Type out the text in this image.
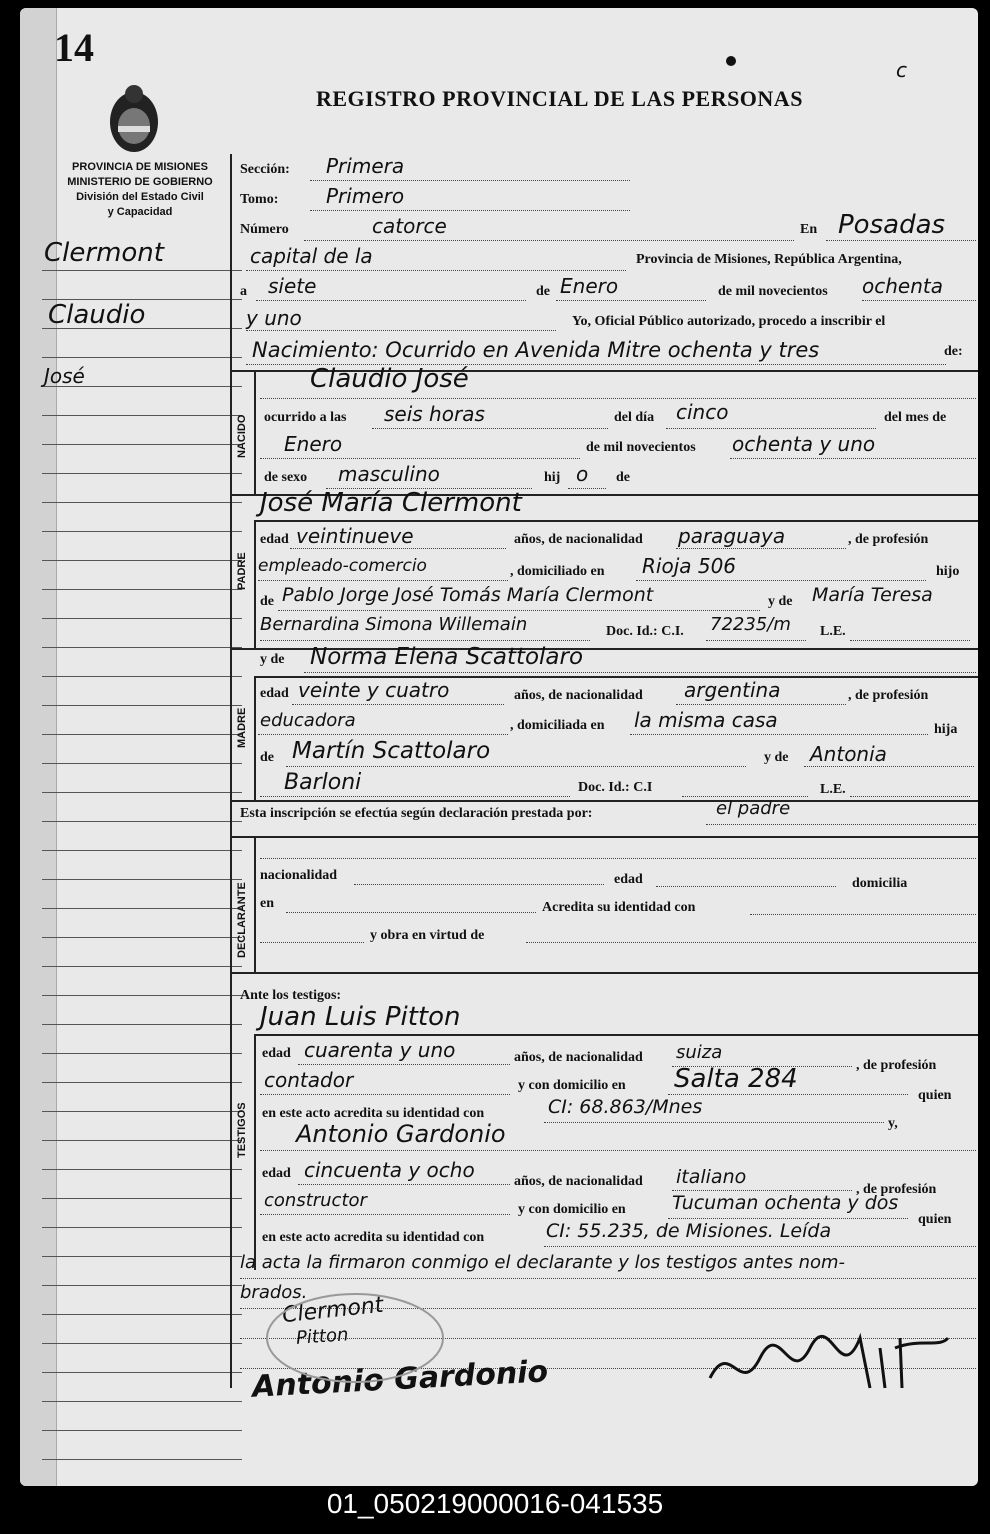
14	c
REGISTRO PROVINCIAL DE LAS PERSONAS
PROVINCIA DE MISIONES
MINISTERIO DE GOBIERNO
División del Estado Civil
y Capacidad
Clermont
Claudio
José
Sección: Primera
Tomo: Primero
Número	catorce	En Posadas
capital de la	Provincia de Misiones, República Argentina,
a siete	de Enero	de mil novecientos ochenta
y uno	Yo, Oficial Público autorizado, procedo a inscribir el
Nacimiento: Ocurrido en Avenida Mitre ochenta y tres	de:
NACIDO
Claudio José
ocurrido a las seis horas	del día cinco	del mes de
Enero	de mil novecientos ochenta y uno
de sexo masculino	hij o de
José María Clermont
PADRE
edad veintinueve	años, de nacionalidad paraguaya	, de profesión
empleado-comercio	, domiciliado en Rioja 506	hijo
de Pablo Jorge José Tomás María Clermont	y de María Teresa
Bernardina Simona Willemain	Doc. Id.: C.I. 72235/m L.E.
y de Norma Elena Scattolaro
MADRE
edad veinte y cuatro	años, de nacionalidad argentina	, de profesión
educadora	, domiciliada en la misma casa	hija
de Martín Scattolaro	y de Antonia
Barloni	Doc. Id.: C.I	L.E.
Esta inscripción se efectúa según declaración prestada por:	el padre
DECLARANTE
nacionalidad	edad	domicilia
en	Acredita su identidad con
y obra en virtud de
Ante los testigos:
Juan Luis Pitton
TESTIGOS
edad cuarenta y uno	años, de nacionalidad suiza
, de profesión
contador	y con domicilio en Salta 284
quien
en este acto acredita su identidad con	CI: 68.863/Mnes
y,
Antonio Gardonio
edad cincuenta y ocho	años, de nacionalidad italiano
, de profesión
constructor	y con domicilio en Tucuman ochenta y dos
quien
en este acto acredita su identidad con	CI: 55.235, de Misiones. Leída
la acta la firmaron conmigo el declarante y los testigos antes nom-
brados.
Clermont
Pitton
Antonio Gardonio
01_050219000016-041535
